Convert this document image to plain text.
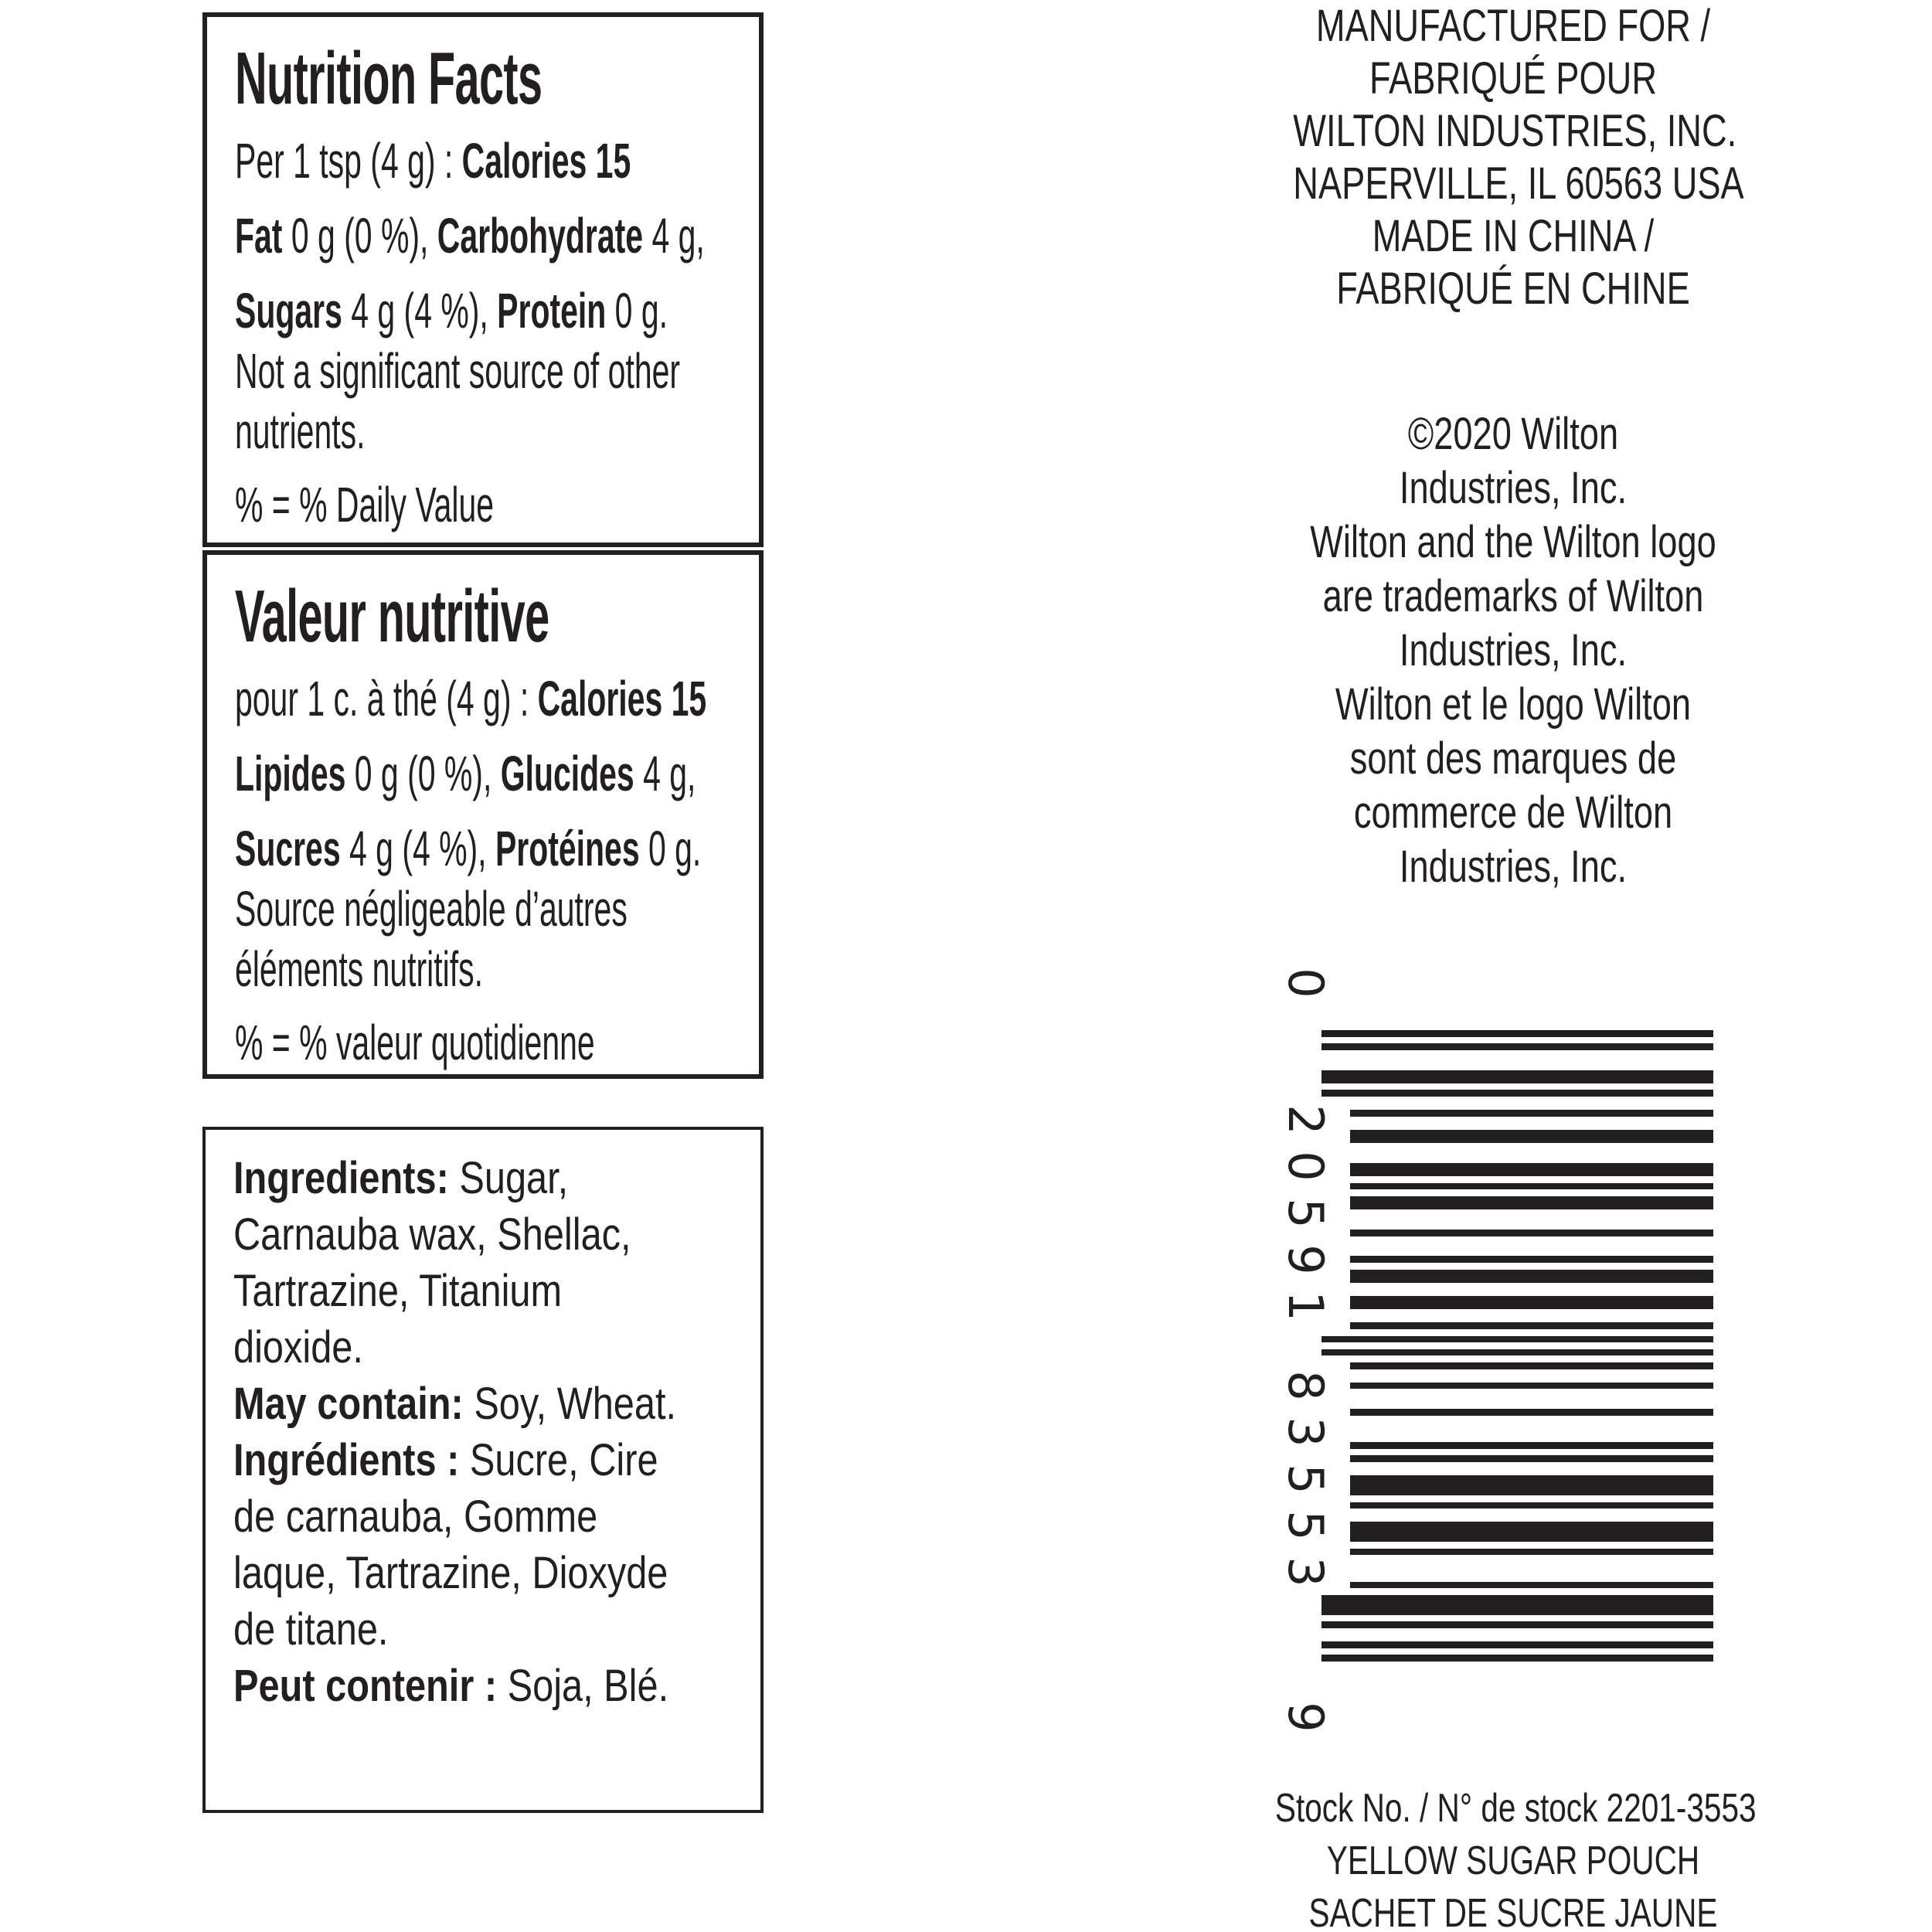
Nutrition Facts
Per 1 tsp (4 g) : Calories 15
Fat 0 g (0 %), Carbohydrate 4 g,
Sugars 4 g (4 %), Protein 0 g.
Not a significant source of other
nutrients.
% = % Daily Value
Valeur nutritive
pour 1 c. à thé (4 g) : Calories 15
Lipides 0 g (0 %), Glucides 4 g,
Sucres 4 g (4 %), Protéines 0 g.
Source négligeable d’autres
éléments nutritifs.
% = % valeur quotidienne
Ingredients: Sugar,
Carnauba wax, Shellac,
Tartrazine, Titanium
dioxide.
May contain: Soy, Wheat.
Ingrédients : Sucre, Cire
de carnauba, Gomme
laque, Tartrazine, Dioxyde
de titane.
Peut contenir : Soja, Blé.
MANUFACTURED FOR /
FABRIQUÉ POUR
WILTON INDUSTRIES, INC.
NAPERVILLE, IL 60563 USA
MADE IN CHINA /
FABRIQUÉ EN CHINE
©2020 Wilton
Industries, Inc.
Wilton and the Wilton logo
are trademarks of Wilton
Industries, Inc.
Wilton et le logo Wilton
sont des marques de
commerce de Wilton
Industries, Inc.
0
2
0
5
9
1
8
3
5
5
3
9
Stock No. / N° de stock 2201-3553
YELLOW SUGAR POUCH
SACHET DE SUCRE JAUNE
